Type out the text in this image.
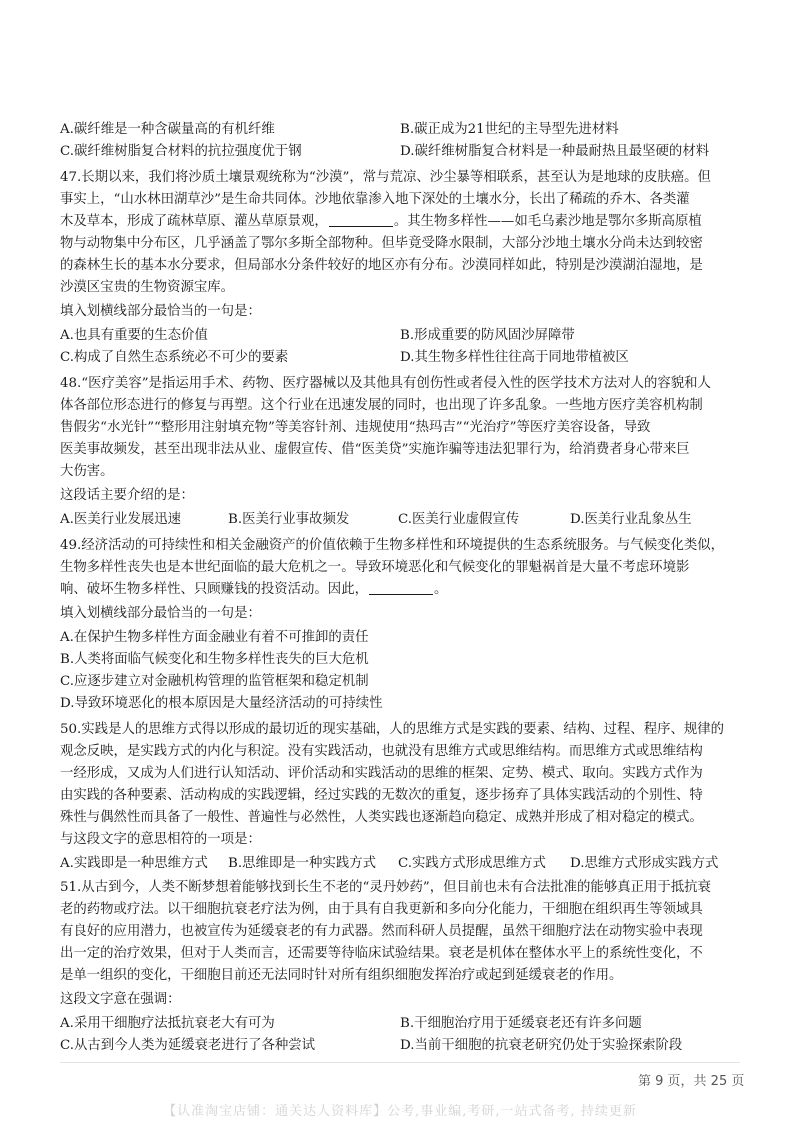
A.碳纤维是一种含碳量高的有机纤维	B.碳正成为21世纪的主导型先进材料
C.碳纤维树脂复合材料的抗拉强度优于钢	D.碳纤维树脂复合材料是一种最耐热且最坚硬的材料
47.长期以来，我们将沙质土壤景观统称为“沙漠”，常与荒凉、沙尘暴等相联系，甚至认为是地球的皮肤癌。但
事实上，“山水林田湖草沙”是生命共同体。沙地依靠渗入地下深处的土壤水分，长出了稀疏的乔木、各类灌
木及草本，形成了疏林草原、灌丛草原景观，	。其生物多样性——如毛乌素沙地是鄂尔多斯高原植
物与动物集中分布区，几乎涵盖了鄂尔多斯全部物种。但毕竟受降水限制，大部分沙地土壤水分尚未达到较密
的森林生长的基本水分要求，但局部水分条件较好的地区亦有分布。沙漠同样如此，特别是沙漠湖泊湿地，是
沙漠区宝贵的生物资源宝库。
填入划横线部分最恰当的一句是：
A.也具有重要的生态价值	B.形成重要的防风固沙屏障带
C.构成了自然生态系统必不可少的要素	D.其生物多样性往往高于同地带植被区
48.“医疗美容”是指运用手术、药物、医疗器械以及其他具有创伤性或者侵入性的医学技术方法对人的容貌和人
体各部位形态进行的修复与再塑。这个行业在迅速发展的同时，也出现了许多乱象。一些地方医疗美容机构制
售假劣“水光针”“整形用注射填充物”等美容针剂、违规使用“热玛吉”“光治疗”等医疗美容设备，导致
医美事故频发，甚至出现非法从业、虚假宣传、借“医美贷”实施诈骗等违法犯罪行为，给消费者身心带来巨
大伤害。
这段话主要介绍的是：
A.医美行业发展迅速	B.医美行业事故频发	C.医美行业虚假宣传	D.医美行业乱象丛生
49.经济活动的可持续性和相关金融资产的价值依赖于生物多样性和环境提供的生态系统服务。与气候变化类似，
生物多样性丧失也是本世纪面临的最大危机之一。导致环境恶化和气候变化的罪魁祸首是大量不考虑环境影
响、破坏生物多样性、只顾赚钱的投资活动。因此，	。
填入划横线部分最恰当的一句是：
A.在保护生物多样性方面金融业有着不可推卸的责任
B.人类将面临气候变化和生物多样性丧失的巨大危机
C.应逐步建立对金融机构管理的监管框架和稳定机制
D.导致环境恶化的根本原因是大量经济活动的可持续性
50.实践是人的思维方式得以形成的最切近的现实基础，人的思维方式是实践的要素、结构、过程、程序、规律的
观念反映，是实践方式的内化与积淀。没有实践活动，也就没有思维方式或思维结构。而思维方式或思维结构
一经形成，又成为人们进行认知活动、评价活动和实践活动的思维的框架、定势、模式、取向。实践方式作为
由实践的各种要素、活动构成的实践逻辑，经过实践的无数次的重复，逐步扬弃了具体实践活动的个别性、特
殊性与偶然性而具备了一般性、普遍性与必然性，人类实践也逐渐趋向稳定、成熟并形成了相对稳定的模式。
与这段文字的意思相符的一项是：
A.实践即是一种思维方式 B.思维即是一种实践方式 C.实践方式形成思维方式 D.思维方式形成实践方式
51.从古到今，人类不断梦想着能够找到长生不老的“灵丹妙药”，但目前也未有合法批准的能够真正用于抵抗衰
老的药物或疗法。以干细胞抗衰老疗法为例，由于具有自我更新和多向分化能力，干细胞在组织再生等领域具
有良好的应用潜力，也被宣传为延缓衰老的有力武器。然而科研人员提醒，虽然干细胞疗法在动物实验中表现
出一定的治疗效果，但对于人类而言，还需要等待临床试验结果。衰老是机体在整体水平上的系统性变化，不
是单一组织的变化，干细胞目前还无法同时针对所有组织细胞发挥治疗或起到延缓衰老的作用。
这段文字意在强调：
A.采用干细胞疗法抵抗衰老大有可为	B.干细胞治疗用于延缓衰老还有许多问题
C.从古到今人类为延缓衰老进行了各种尝试	D.当前干细胞的抗衰老研究仍处于实验探索阶段
第 9 页，共 25 页
【认准淘宝店铺：通关达人资料库】公考,事业编,考研,一站式备考, 持续更新
